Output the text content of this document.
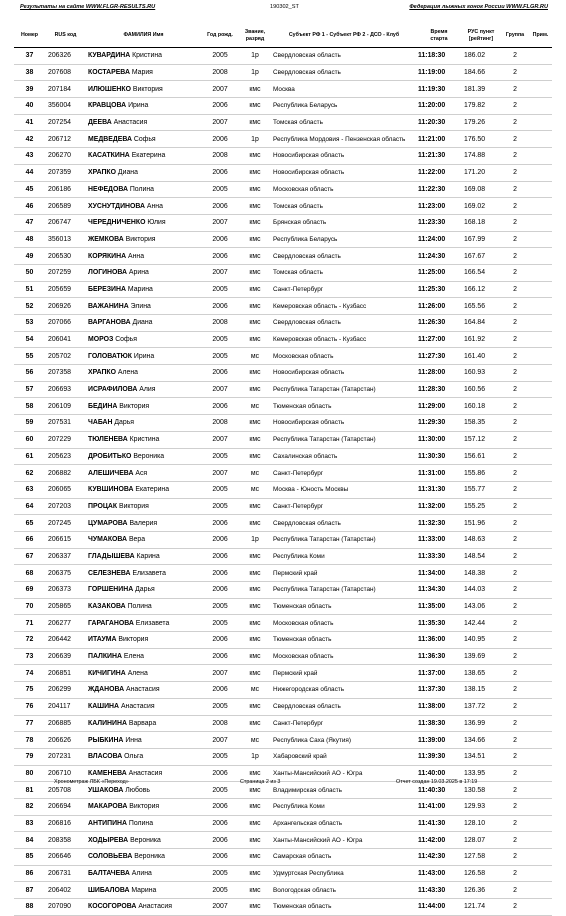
Результаты на сайте WWW.FLGR-RESULTS.RU	190302_ST	Федерация лыжных гонок России WWW.FLGR.RU
Номер	RUS код	ФАМИЛИЯ Имя	Год рожд.	Звание,
разряд	Субъект РФ 1 - Субъект РФ 2 - ДСО - Клуб	Время
старта	РУС пункт
[рейтинг]	Группа	Прим.
37	206326	КУВАРДИНА Кристина	2005	1р	Свердловская область	11:18:30	186.02	2	
38	207608	КОСТАРЕВА Мария	2008	1р	Свердловская область	11:19:00	184.66	2	
39	207184	ИЛЮШЕНКО Виктория	2007	кмс	Москва	11:19:30	181.39	2	
40	356004	КРАВЦОВА Ирина	2006	кмс	Республика Беларусь	11:20:00	179.82	2	
41	207254	ДЕЕВА Анастасия	2007	кмс	Томская область	11:20:30	179.26	2	
42	206712	МЕДВЕДЕВА Софья	2006	1р	Республика Мордовия - Пензенская область	11:21:00	176.50	2	
43	206270	КАСАТКИНА Екатерина	2008	кмс	Новосибирская область	11:21:30	174.88	2	
44	207359	ХРАПКО Диана	2006	кмс	Новосибирская область	11:22:00	171.20	2	
45	206186	НЕФЕДОВА Полина	2005	кмс	Московская область	11:22:30	169.08	2	
46	206589	ХУСНУТДИНОВА Анна	2006	кмс	Томская область	11:23:00	169.02	2	
47	206747	ЧЕРЕДНИЧЕНКО Юлия	2007	кмс	Брянская область	11:23:30	168.18	2	
48	356013	ЖЕМКОВА Виктория	2006	кмс	Республика Беларусь	11:24:00	167.99	2	
49	206530	КОРЯКИНА Анна	2006	кмс	Свердловская область	11:24:30	167.67	2	
50	207259	ЛОГИНОВА Арина	2007	кмс	Томская область	11:25:00	166.54	2	
51	205659	БЕРЕЗИНА Марина	2005	кмс	Санкт-Петербург	11:25:30	166.12	2	
52	206926	ВАЖАНИНА Элина	2006	кмс	Кемеровская область - Кузбасс	11:26:00	165.56	2	
53	207066	ВАРГАНОВА Диана	2008	кмс	Свердловская область	11:26:30	164.84	2	
54	206041	МОРОЗ Софья	2005	кмс	Кемеровская область - Кузбасс	11:27:00	161.92	2	
55	205702	ГОЛОВАТЮК Ирина	2005	мс	Московская область	11:27:30	161.40	2	
56	207358	ХРАПКО Алена	2006	кмс	Новосибирская область	11:28:00	160.93	2	
57	206693	ИСРАФИЛОВА Алия	2007	кмс	Республика Татарстан (Татарстан)	11:28:30	160.56	2	
58	206109	БЕДИНА Виктория	2006	мс	Тюменская область	11:29:00	160.18	2	
59	207531	ЧАБАН Дарья	2008	кмс	Новосибирская область	11:29:30	158.35	2	
60	207229	ТЮЛЕНЕВА Кристина	2007	кмс	Республика Татарстан (Татарстан)	11:30:00	157.12	2	
61	205623	ДРОБИТЬКО Вероника	2005	кмс	Сахалинская область	11:30:30	156.61	2	
62	206882	АЛЕШИЧЕВА Ася	2007	мс	Санкт-Петербург	11:31:00	155.86	2	
63	206065	КУВШИНОВА Екатерина	2005	мс	Москва - Юность Москвы	11:31:30	155.77	2	
64	207203	ПРОЦАК Виктория	2005	кмс	Санкт-Петербург	11:32:00	155.25	2	
65	207245	ЦУМАРОВА Валерия	2006	кмс	Свердловская область	11:32:30	151.96	2	
66	206615	ЧУМАКОВА Вера	2006	1р	Республика Татарстан (Татарстан)	11:33:00	148.63	2	
67	206337	ГЛАДЫШЕВА Карина	2006	кмс	Республика Коми	11:33:30	148.54	2	
68	206375	СЕЛЕЗНЕВА Елизавета	2006	кмс	Пермский край	11:34:00	148.38	2	
69	206373	ГОРШЕНИНА Дарья	2006	кмс	Республика Татарстан (Татарстан)	11:34:30	144.03	2	
70	205865	КАЗАКОВА Полина	2005	кмс	Тюменская область	11:35:00	143.06	2	
71	206277	ГАРАГАНОВА Елизавета	2005	кмс	Московская область	11:35:30	142.44	2	
72	206442	ИТАУМА Виктория	2006	кмс	Тюменская область	11:36:00	140.95	2	
73	206639	ПАЛКИНА Елена	2006	кмс	Московская область	11:36:30	139.69	2	
74	206851	КИЧИГИНА Алена	2007	кмс	Пермский край	11:37:00	138.65	2	
75	206299	ЖДАНОВА Анастасия	2006	мс	Нижегородская область	11:37:30	138.15	2	
76	204117	КАШИНА Анастасия	2005	кмс	Свердловская область	11:38:00	137.72	2	
77	206885	КАЛИНИНА Варвара	2008	кмс	Санкт-Петербург	11:38:30	136.99	2	
78	206626	РЫБКИНА Инна	2007	мс	Республика Саха (Якутия)	11:39:00	134.66	2	
79	207231	ВЛАСОВА Ольга	2005	1р	Хабаровский край	11:39:30	134.51	2	
80	206710	КАМЕНЕВА Анастасия	2006	кмс	Ханты-Мансийский АО - Югра	11:40:00	133.95	2	
81	205708	УШАКОВА Любовь	2005	кмс	Владимирская область	11:40:30	130.58	2	
82	206694	МАКАРОВА Виктория	2006	кмс	Республика Коми	11:41:00	129.93	2	
83	206816	АНТИПИНА Полина	2006	кмс	Архангельская область	11:41:30	128.10	2	
84	208358	ХОДЫРЕВА Вероника	2006	кмс	Ханты-Мансийский АО - Югра	11:42:00	128.07	2	
85	206646	СОЛОВЬЕВА Вероника	2006	кмс	Самарская область	11:42:30	127.58	2	
86	206731	БАЛТАЧЕВА Алина	2005	кмс	Удмуртская Республика	11:43:00	126.58	2	
87	206402	ШИБАЛОВА Марина	2005	кмс	Вологодская область	11:43:30	126.36	2	
88	207090	КОСОГОРОВА Анастасия	2007	кмс	Тюменская область	11:44:00	121.74	2	
Хронометраж ЛБК «Переход»	Страница 2 из 3	Отчет создан 19.03.2025 в 17:19
